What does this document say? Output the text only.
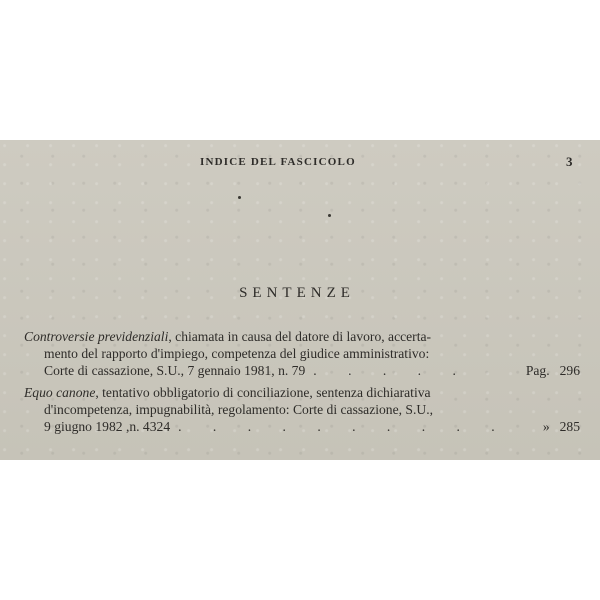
INDICE DEL FASCICOLO	3
SENTENZE
Controversie previdenziali, chiamata in causa del datore di lavoro, accerta-
mento del rapporto d'impiego, competenza del giudice amministrativo:
Corte di cassazione, S.U., 7 gennaio 1981, n. 79 . . . . .	Pag. 296
Equo canone, tentativo obbligatorio di conciliazione, sentenza dichiarativa
d'incompetenza, impugnabilità, regolamento: Corte di cassazione, S.U.,
9 giugno 1982 ,n. 4324 . . . . . . . . . .	» 285
